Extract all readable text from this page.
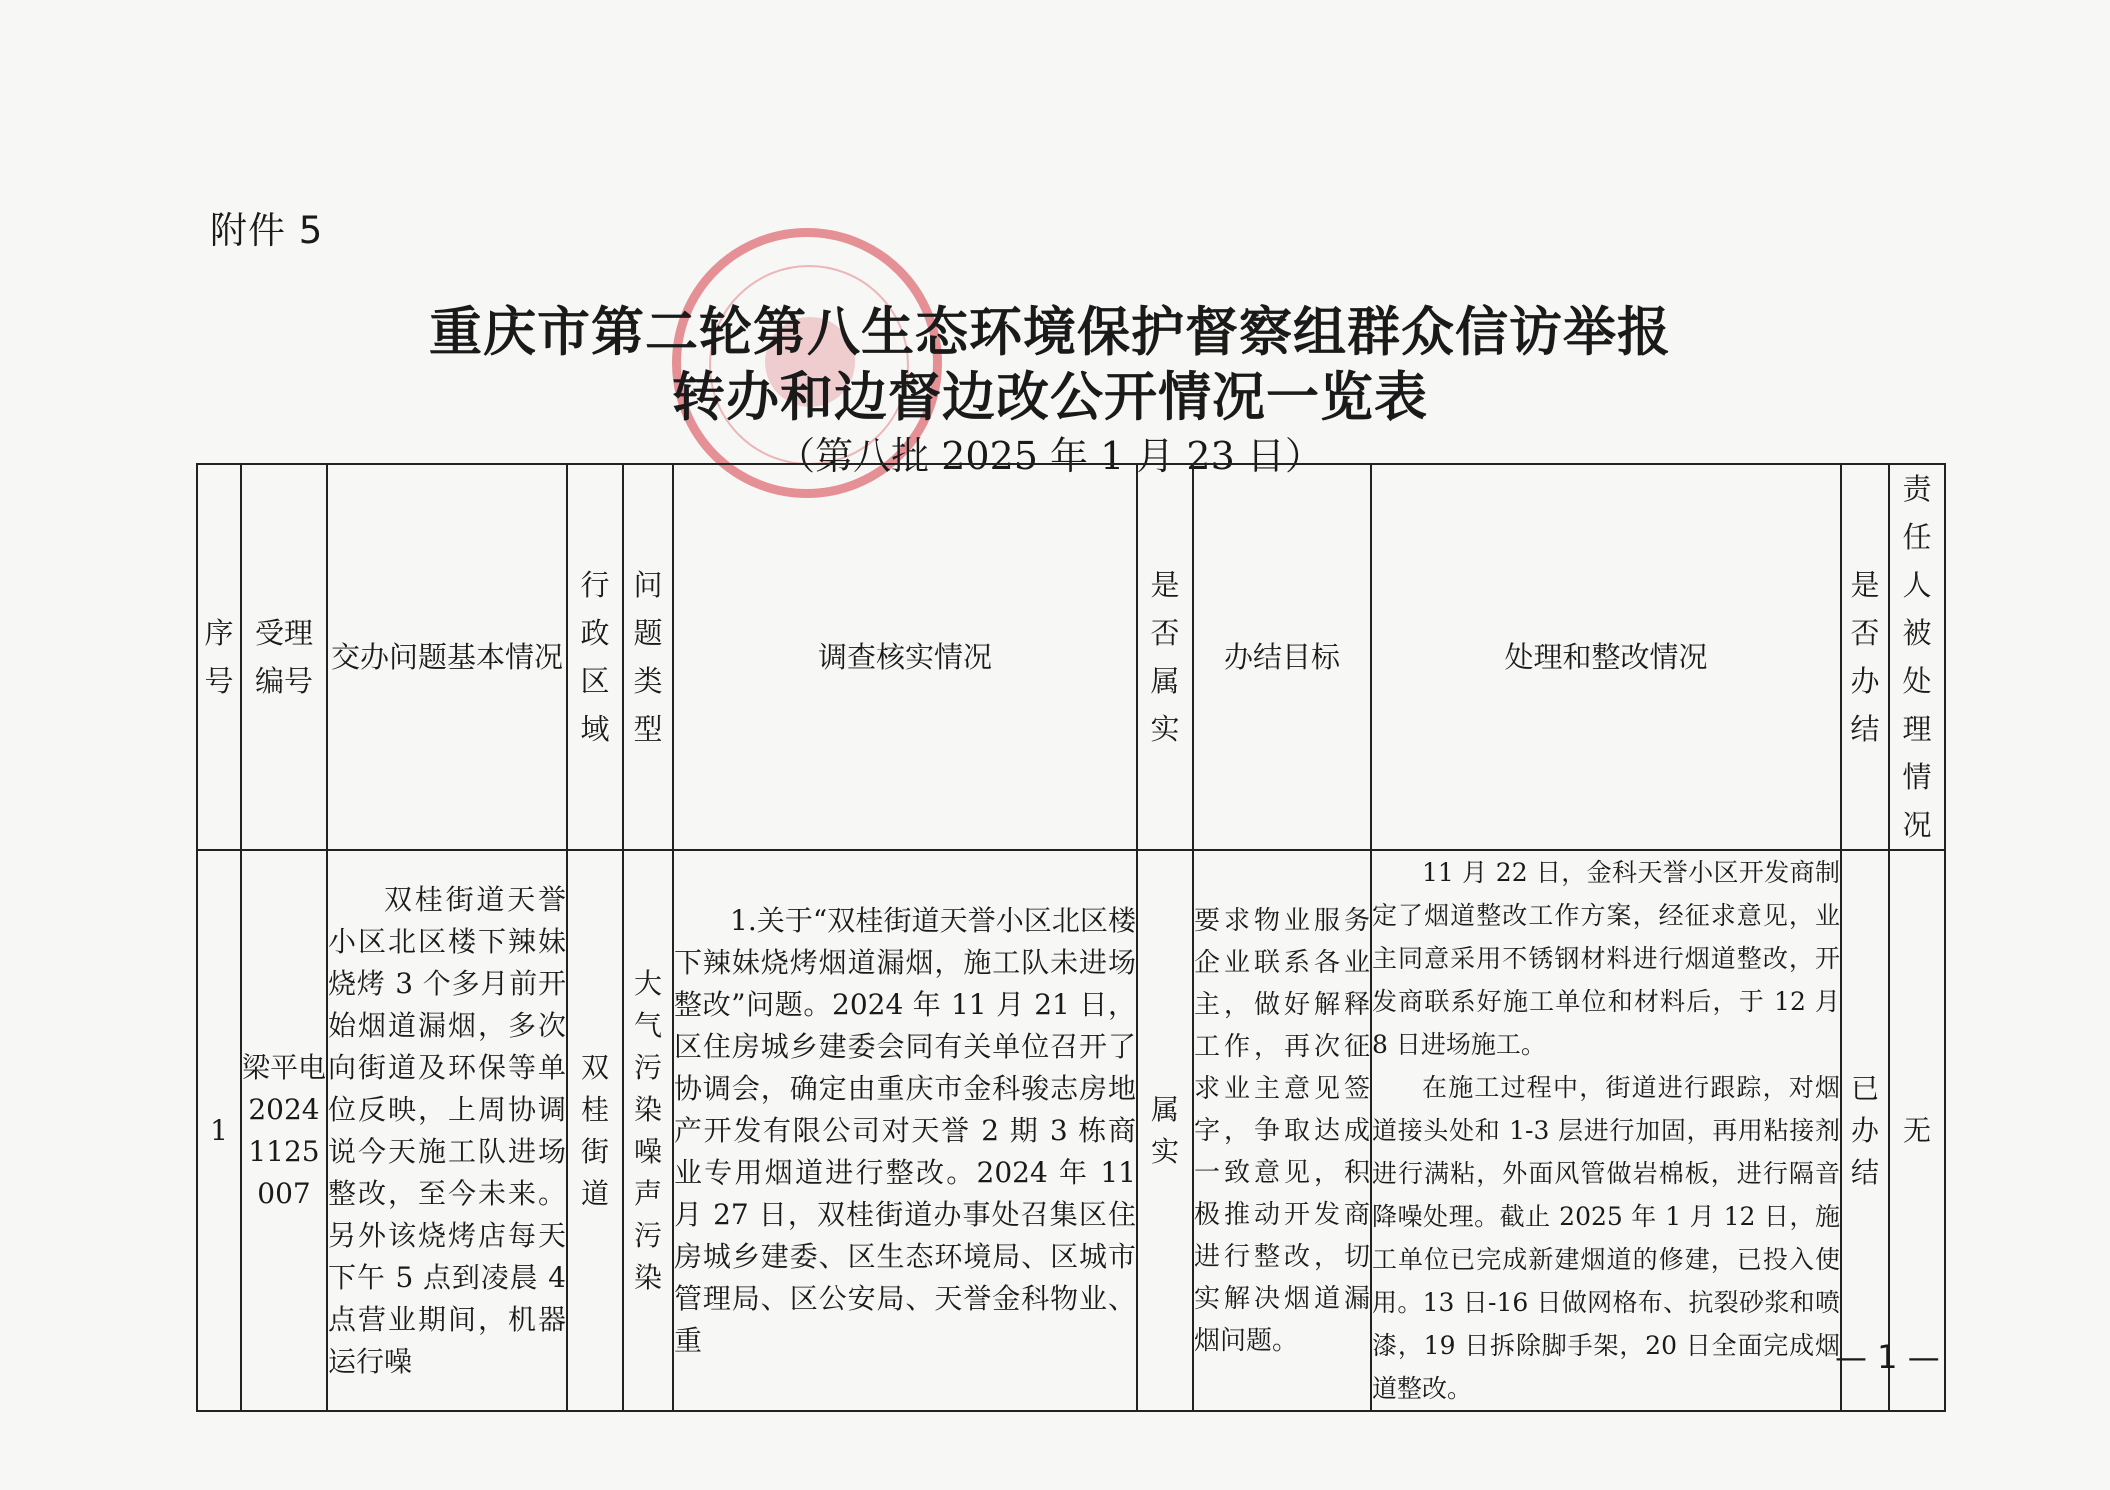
附件 5
重庆市第二轮第八生态环境保护督察组群众信访举报
转办和边督边改公开情况一览表
（第八批 2025 年 1 月 23 日）
序号	受理编号	交办问题基本情况	行政区域	问题类型	调查核实情况	是否属实	办结目标	处理和整改情况	是否办结	责任人被处理情况
1	梁平电2024 1125 007	双桂街道天誉小区北区楼下辣妹烧烤 3 个多月前开始烟道漏烟，多次向街道及环保等单位反映，上周协调说今天施工队进场整改，至今未来。另外该烧烤店每天下午 5 点到凌晨 4 点营业期间，机器运行噪	双桂街道	大气污染噪声污染	1.关于“双桂街道天誉小区北区楼下辣妹烧烤烟道漏烟，施工队未进场整改”问题。2024 年 11 月 21 日，区住房城乡建委会同有关单位召开了协调会，确定由重庆市金科骏志房地产开发有限公司对天誉 2 期 3 栋商业专用烟道进行整改。2024 年 11 月 27 日，双桂街道办事处召集区住房城乡建委、区生态环境局、区城市管理局、区公安局、天誉金科物业、重	属实	要求物业服务企业联系各业主，做好解释工作，再次征求业主意见签字，争取达成一致意见，积极推动开发商进行整改，切实解决烟道漏烟问题。	11 月 22 日，金科天誉小区开发商制定了烟道整改工作方案，经征求意见，业主同意采用不锈钢材料进行烟道整改，开发商联系好施工单位和材料后，于 12 月 8 日进场施工。

在施工过程中，街道进行跟踪，对烟道接头处和 1-3 层进行加固，再用粘接剂进行满粘，外面风管做岩棉板，进行隔音降噪处理。截止 2025 年 1 月 12 日，施工单位已完成新建烟道的修建，已投入使用。13 日-16 日做网格布、抗裂砂浆和喷漆，19 日拆除脚手架，20 日全面完成烟道整改。	已办结	无
— 1 —
